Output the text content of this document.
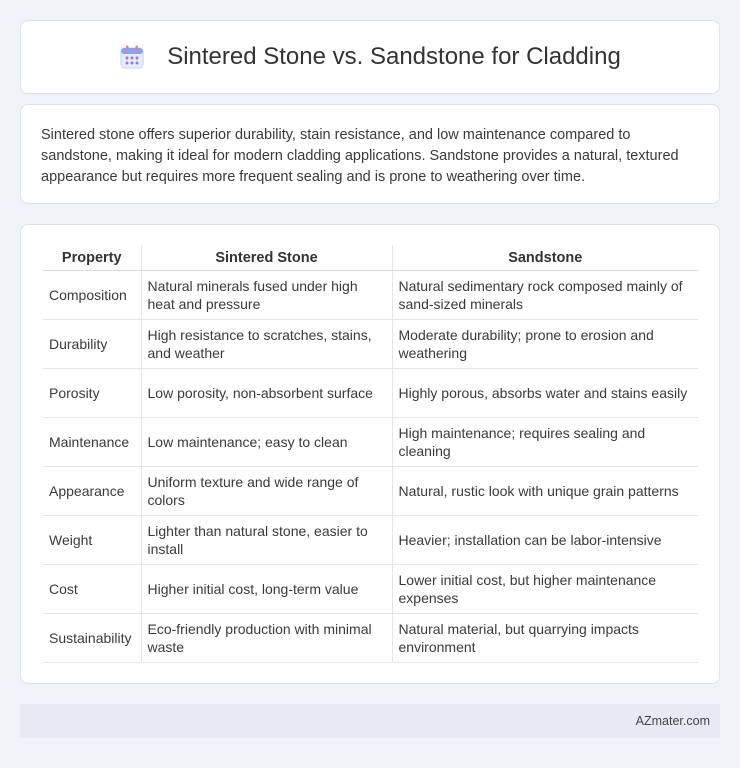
Sintered Stone vs. Sandstone for Cladding

Sintered stone offers superior durability, stain resistance, and low maintenance compared to sandstone, making it ideal for modern cladding applications. Sandstone provides a natural, textured appearance but requires more frequent sealing and is prone to weathering over time.

Property	Sintered Stone	Sandstone
Composition	Natural minerals fused under high heat and pressure	Natural sedimentary rock composed mainly of sand-sized minerals
Durability	High resistance to scratches, stains, and weather	Moderate durability; prone to erosion and weathering
Porosity	Low porosity, non-absorbent surface	Highly porous, absorbs water and stains easily
Maintenance	Low maintenance; easy to clean	High maintenance; requires sealing and cleaning
Appearance	Uniform texture and wide range of colors	Natural, rustic look with unique grain patterns
Weight	Lighter than natural stone, easier to install	Heavier; installation can be labor-intensive
Cost	Higher initial cost, long-term value	Lower initial cost, but higher maintenance expenses
Sustainability	Eco-friendly production with minimal waste	Natural material, but quarrying impacts environment
AZmater.com
